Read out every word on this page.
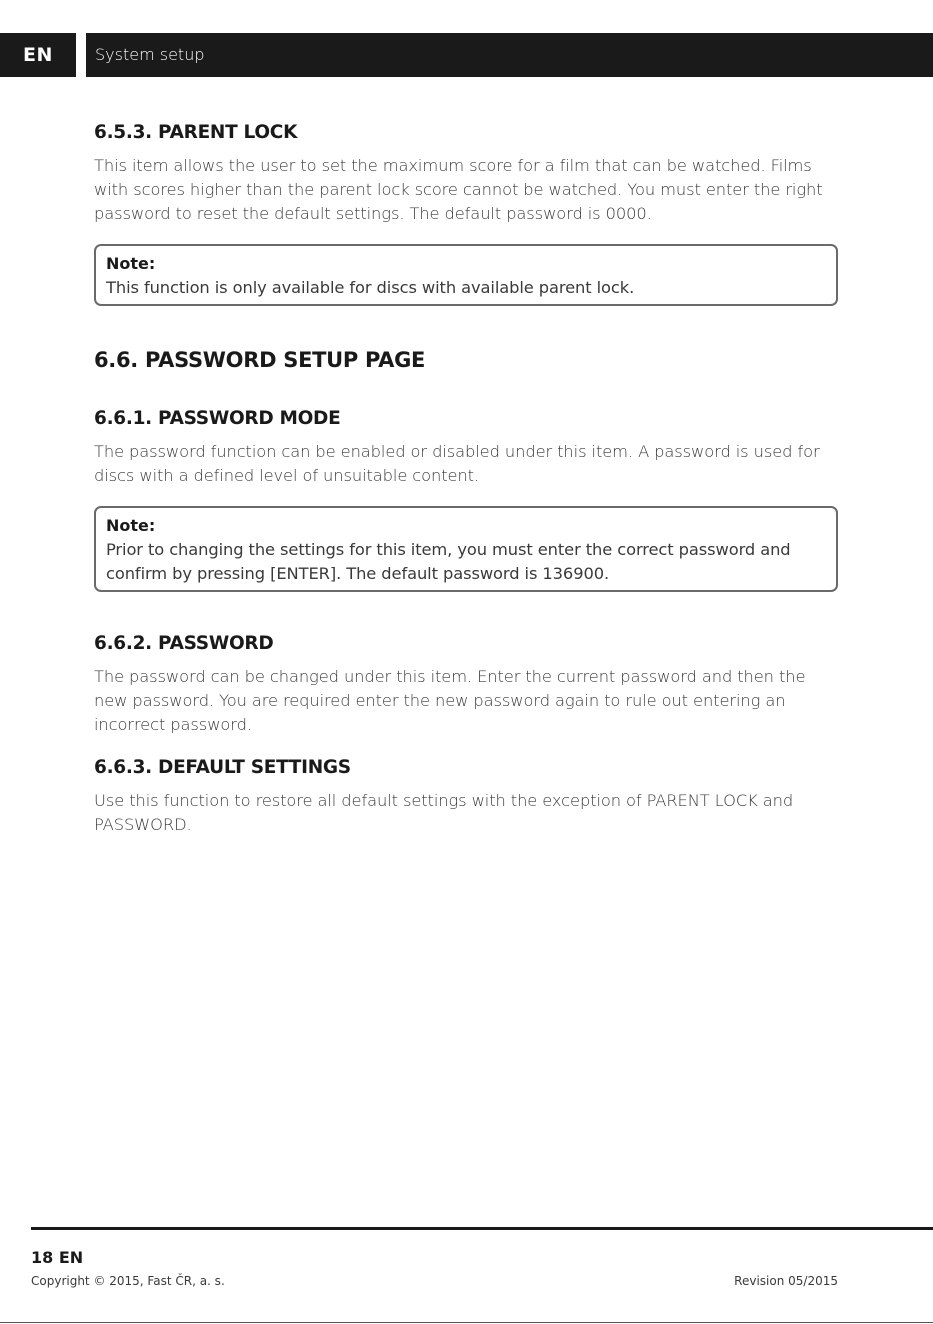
EN	System setup
6.5.3. PARENT LOCK

This item allows the user to set the maximum score for a film that can be watched. Films with scores higher than the parent lock score cannot be watched. You must enter the right password to reset the default settings. The default password is 0000.

Note:
This function is only available for discs with available parent lock.
6.6. PASSWORD SETUP PAGE
6.6.1. PASSWORD MODE

The password function can be enabled or disabled under this item. A password is used for discs with a defined level of unsuitable content.

Note:
Prior to changing the settings for this item, you must enter the correct password and confirm by pressing [ENTER]. The default password is 136900.
6.6.2. PASSWORD

The password can be changed under this item. Enter the current password and then the new password. You are required enter the new password again to rule out entering an incorrect password.

6.6.3. DEFAULT SETTINGS

Use this function to restore all default settings with the exception of PARENT LOCK and PASSWORD.

18 EN
Copyright © 2015, Fast ČR, a. s.	Revision 05/2015
